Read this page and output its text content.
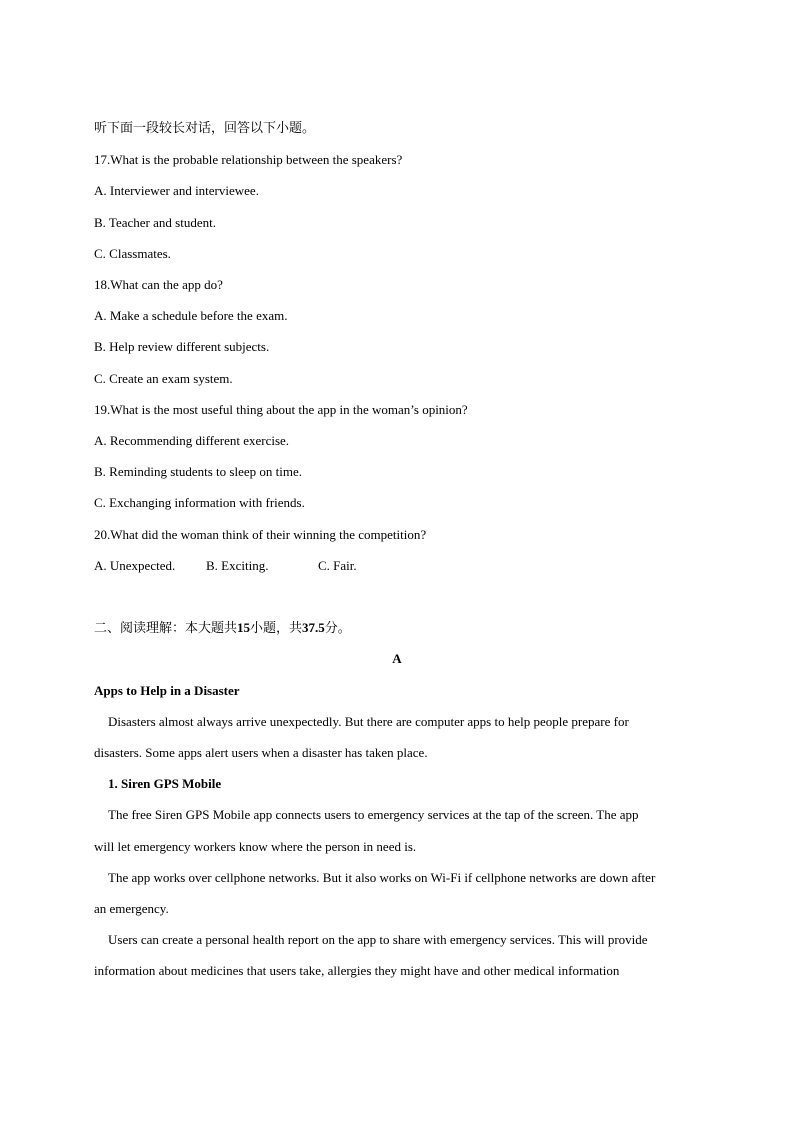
听下面一段较长对话，回答以下小题。
17.What is the probable relationship between the speakers?
A. Interviewer and interviewee.
B. Teacher and student.
C. Classmates.
18.What can the app do?
A. Make a schedule before the exam.
B. Help review different subjects.
C. Create an exam system.
19.What is the most useful thing about the app in the woman’s opinion?
A. Recommending different exercise.
B. Reminding students to sleep on time.
C. Exchanging information with friends.
20.What did the woman think of their winning the competition?
A. Unexpected. B. Exciting.	C. Fair.
二、阅读理解：本大题共15小题，共37.5分。
A
Apps to Help in a Disaster
Disasters almost always arrive unexpectedly. But there are computer apps to help people prepare for
disasters. Some apps alert users when a disaster has taken place.
1. Siren GPS Mobile
The free Siren GPS Mobile app connects users to emergency services at the tap of the screen. The app
will let emergency workers know where the person in need is.
The app works over cellphone networks. But it also works on Wi-Fi if cellphone networks are down after
an emergency.
Users can create a personal health report on the app to share with emergency services. This will provide
information about medicines that users take, allergies they might have and other medical information
